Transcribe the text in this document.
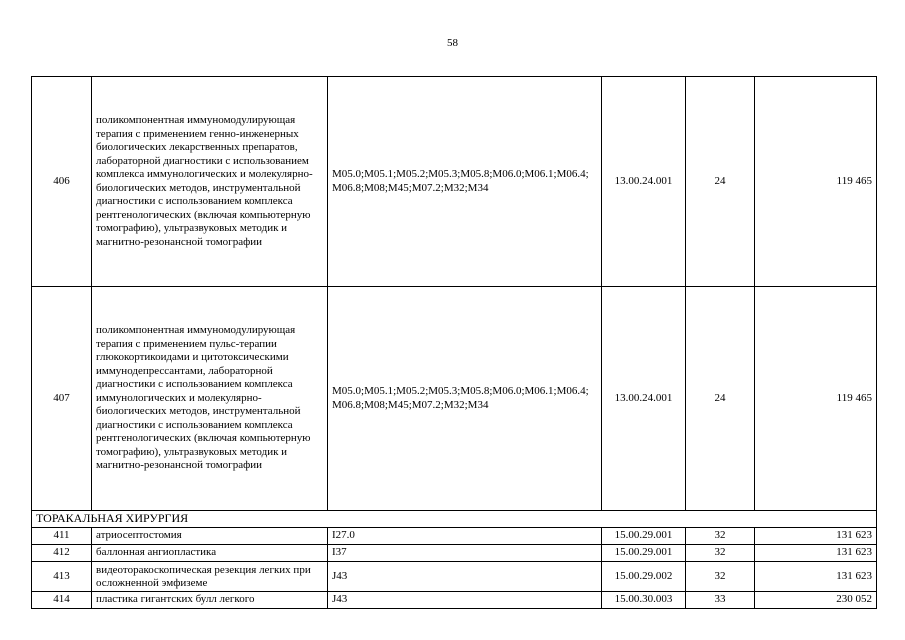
58
406	поликомпонентная иммуномодулирующая терапия с применением генно-инженерных биологических лекарственных препаратов, лабораторной диагностики с использованием комплекса иммунологических и молекулярно-биологических методов, инструментальной диагностики с использованием комплекса рентгенологических (включая компьютерную томографию), ультразвуковых методик и магнитно-резонансной томографии	M05.0;M05.1;M05.2;M05.3;M05.8;M06.0;M06.1;M06.4;M06.8;M08;M45;M07.2;M32;M34	13.00.24.001	24	119 465
407	поликомпонентная иммуномодулирующая терапия с применением пульс-терапии глюкокортикоидами и цитотоксическими иммунодепрессантами, лабораторной диагностики с использованием комплекса иммунологических и молекулярно-биологических методов, инструментальной диагностики с использованием комплекса рентгенологических (включая компьютерную томографию), ультразвуковых методик и магнитно-резонансной томографии	M05.0;M05.1;M05.2;M05.3;M05.8;M06.0;M06.1;M06.4;M06.8;M08;M45;M07.2;M32;M34	13.00.24.001	24	119 465
ТОРАКАЛЬНАЯ ХИРУРГИЯ					
411	атриосептостомия	I27.0	15.00.29.001	32	131 623
412	баллонная ангиопластика	I37	15.00.29.001	32	131 623
413	видеоторакоскопическая резекция легких при осложненной эмфиземе	J43	15.00.29.002	32	131 623
414	пластика гигантских булл легкого	J43	15.00.30.003	33	230 052
